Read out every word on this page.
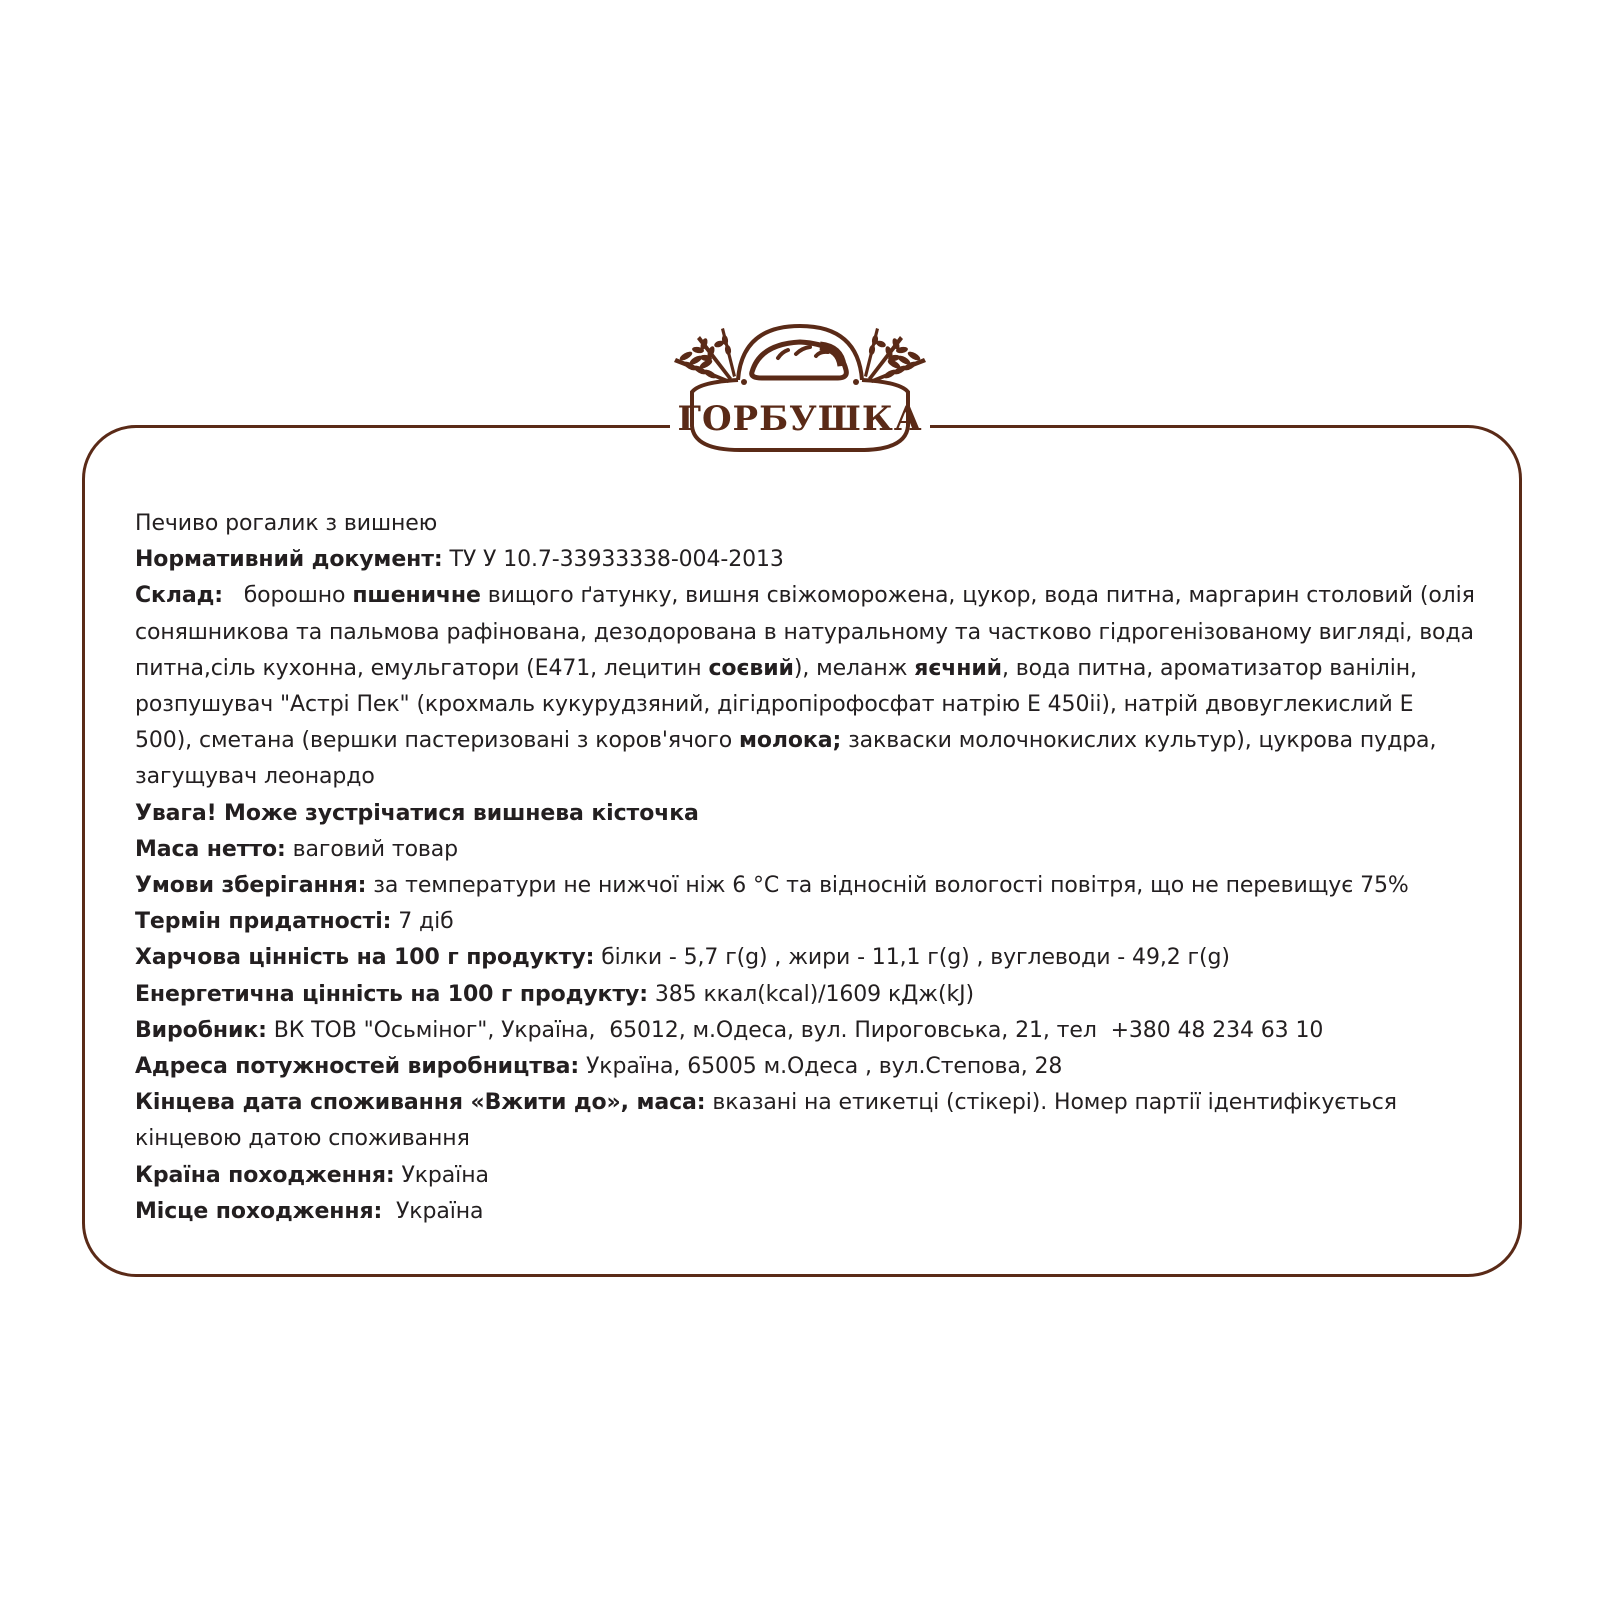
ГОРБУШКА
Печиво рогалик з вишнею
Нормативний документ: ТУ У 10.7-33933338-004-2013
Склад:   борошно пшеничне вищого ґатунку, вишня свіжоморожена, цукор, вода питна, маргарин столовий (олія соняшникова та пальмова рафінована, дезодорована в натуральному та частково гідрогенізованому вигляді, вода питна,сіль кухонна, емульгатори (Е471, лецитин соєвий), меланж яєчний, вода питна, ароматизатор ванілін, розпушувач "Астрі Пек" (крохмаль кукурудзяний, дігідропірофосфат натрію Е 450іі), натрій двовуглекислий Е 500), сметана (вершки пастеризовані з коров'ячого молока; закваски молочнокислих культур), цукрова пудра, загущувач леонардо
Увага! Може зустрічатися вишнева кісточка
Маса нетто: ваговий товар
Умови зберігання: за температури не нижчої ніж 6 °С та відносній вологості повітря, що не перевищує 75%
Термін придатності: 7 діб
Харчова цінність на 100 г продукту: білки - 5,7 г(g) , жири - 11,1 г(g) , вуглеводи - 49,2 г(g)
Енергетична цінність на 100 г продукту: 385 ккал(kcal)/1609 кДж(kJ)
Виробник: ВК ТОВ "Осьміног", Україна,  65012, м.Одеса, вул. Пироговська, 21, тел  +380 48 234 63 10
Адреса потужностей виробництва: Україна, 65005 м.Одеса , вул.Степова, 28
Кінцева дата споживання «Вжити до», маса: вказані на етикетці (стікері). Номер партії ідентифікується кінцевою датою споживання
Країна походження: Україна
Місце походження:  Україна
